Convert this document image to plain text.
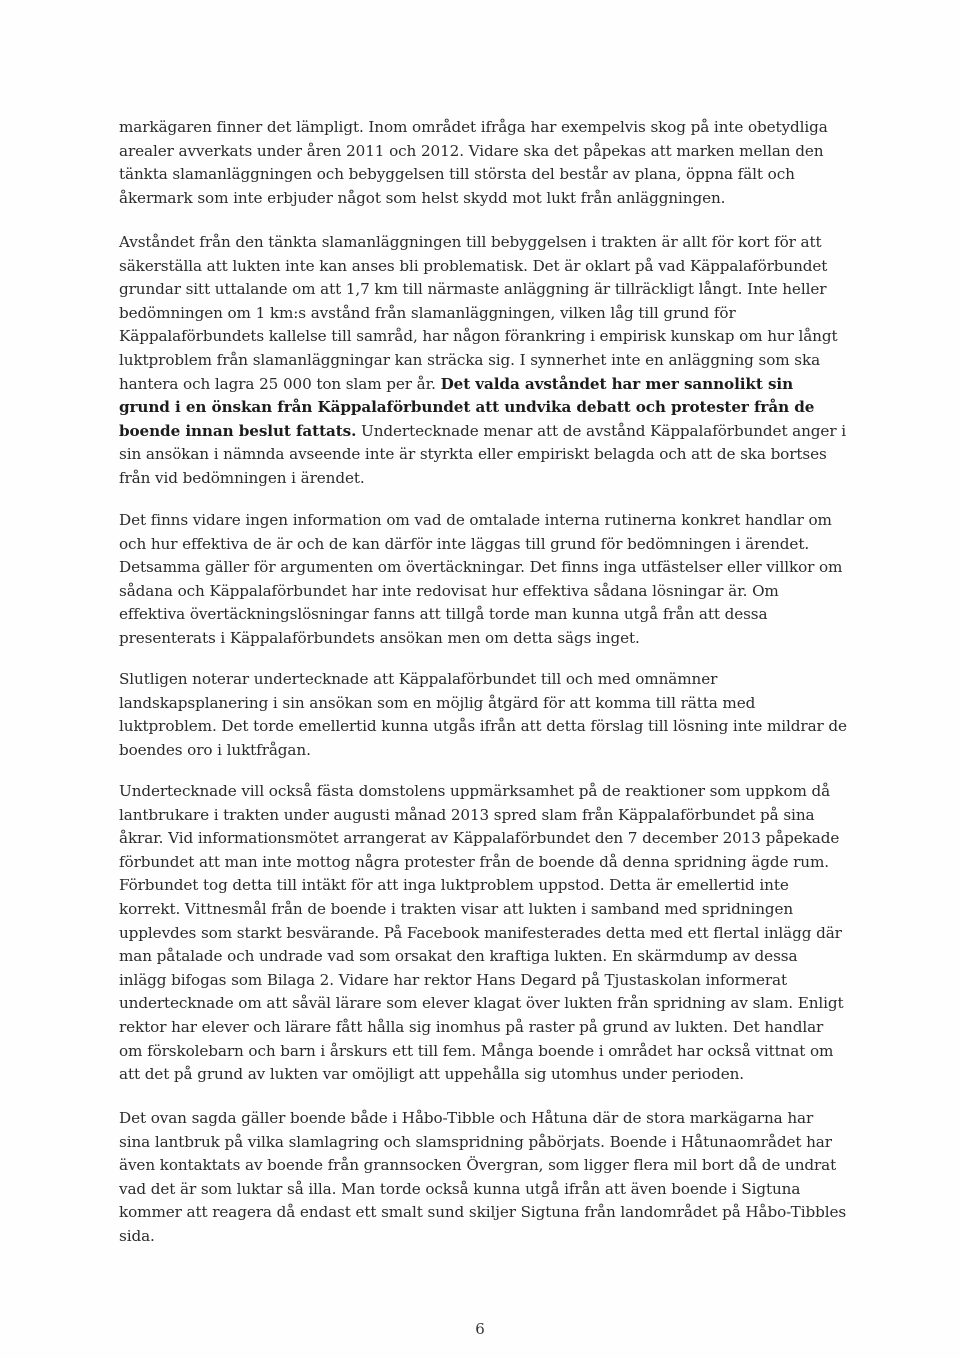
markägaren finner det lämpligt. Inom området ifråga har exempelvis skog på inte obetydliga arealer avverkats under åren 2011 och 2012. Vidare ska det påpekas att marken mellan den tänkta slamanläggningen och bebyggelsen till största del består av plana, öppna fält och åkermark som inte erbjuder något som helst skydd mot lukt från anläggningen.

Avståndet från den tänkta slamanläggningen till bebyggelsen i trakten är allt för kort för att säkerställa att lukten inte kan anses bli problematisk. Det är oklart på vad Käppalaförbundet grundar sitt uttalande om att 1,7 km till närmaste anläggning är tillräckligt långt. Inte heller bedömningen om 1 km:s avstånd från slamanläggningen, vilken låg till grund för Käppalaförbundets kallelse till samråd, har någon förankring i empirisk kunskap om hur långt luktproblem från slamanläggningar kan sträcka sig. I synnerhet inte en anläggning som ska hantera och lagra 25 000 ton slam per år. Det valda avståndet har mer sannolikt sin grund i en önskan från Käppalaförbundet att undvika debatt och protester från de boende innan beslut fattats. Undertecknade menar att de avstånd Käppalaförbundet anger i sin ansökan i nämnda avseende inte är styrkta eller empiriskt belagda och att de ska bortses från vid bedömningen i ärendet.

Det finns vidare ingen information om vad de omtalade interna rutinerna konkret handlar om och hur effektiva de är och de kan därför inte läggas till grund för bedömningen i ärendet. Detsamma gäller för argumenten om övertäckningar. Det finns inga utfästelser eller villkor om sådana och Käppalaförbundet har inte redovisat hur effektiva sådana lösningar är. Om effektiva övertäckningslösningar fanns att tillgå torde man kunna utgå från att dessa presenterats i Käppalaförbundets ansökan men om detta sägs inget.

Slutligen noterar undertecknade att Käppalaförbundet till och med omnämner landskapsplanering i sin ansökan som en möjlig åtgärd för att komma till rätta med luktproblem. Det torde emellertid kunna utgås ifrån att detta förslag till lösning inte mildrar de boendes oro i luktfrågan.

Undertecknade vill också fästa domstolens uppmärksamhet på de reaktioner som uppkom då lantbrukare i trakten under augusti månad 2013 spred slam från Käppalaförbundet på sina åkrar. Vid informationsmötet arrangerat av Käppalaförbundet den 7 december 2013 påpekade förbundet att man inte mottog några protester från de boende då denna spridning ägde rum. Förbundet tog detta till intäkt för att inga luktproblem uppstod. Detta är emellertid inte korrekt. Vittnesmål från de boende i trakten visar att lukten i samband med spridningen upplevdes som starkt besvärande. På Facebook manifesterades detta med ett flertal inlägg där man påtalade och undrade vad som orsakat den kraftiga lukten. En skärmdump av dessa inlägg bifogas som Bilaga 2. Vidare har rektor Hans Degard på Tjustaskolan informerat undertecknade om att såväl lärare som elever klagat över lukten från spridning av slam. Enligt rektor har elever och lärare fått hålla sig inomhus på raster på grund av lukten. Det handlar om förskolebarn och barn i årskurs ett till fem. Många boende i området har också vittnat om att det på grund av lukten var omöjligt att uppehålla sig utomhus under perioden.

Det ovan sagda gäller boende både i Håbo-Tibble och Håtuna där de stora markägarna har sina lantbruk på vilka slamlagring och slamspridning påbörjats. Boende i Håtunaområdet har även kontaktats av boende från grannsocken Övergran, som ligger flera mil bort då de undrat vad det är som luktar så illa. Man torde också kunna utgå ifrån att även boende i Sigtuna kommer att reagera då endast ett smalt sund skiljer Sigtuna från landområdet på Håbo-Tibbles sida.

6
